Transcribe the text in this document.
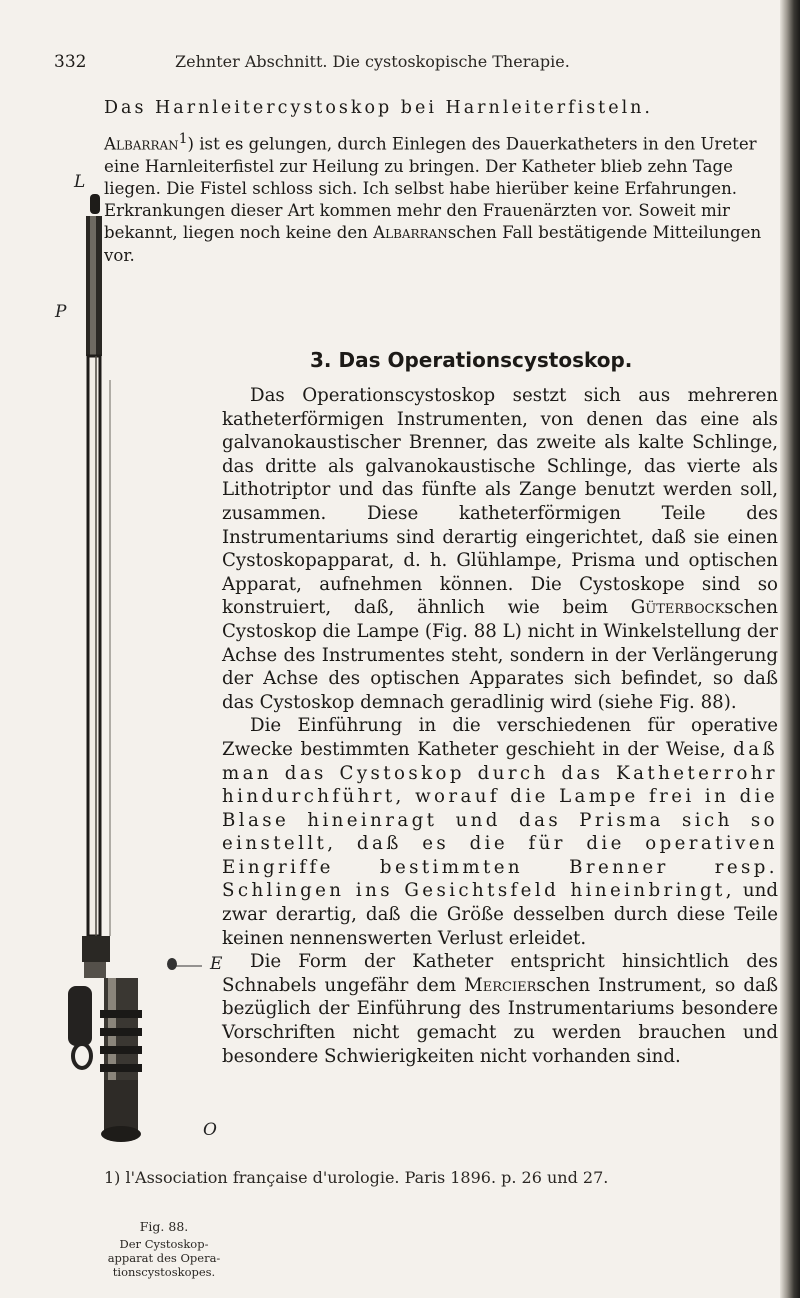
332	Zehnter Abschnitt. Die cystoskopische Therapie.
Das Harnleitercystoskop bei Harnleiterfisteln.
Albarran$^1$) ist es gelungen, durch Einlegen des Dauerkatheters in den Ureter eine Harnleiterfistel zur Heilung zu bringen. Der Katheter blieb zehn Tage liegen. Die Fistel schloss sich. Ich selbst habe hierüber keine Erfahrungen. Erkrankungen dieser Art kommen mehr den Frauenärzten vor. Soweit mir bekannt, liegen noch keine den Albarranschen Fall bestätigende Mitteilungen vor.
L
P
E
O
Fig. 88.
Der Cystoskop-
apparat des Opera-
tionscystoskopes.
3. Das Operationscystoskop.

Das Operationscystoskop sestzt sich aus mehreren katheterförmigen Instrumenten, von denen das eine als galvanokaustischer Brenner, das zweite als kalte Schlinge, das dritte als galvanokaustische Schlinge, das vierte als Lithotriptor und das fünfte als Zange benutzt werden soll, zusammen. Diese katheterförmigen Teile des Instrumentariums sind derartig eingerichtet, daß sie einen Cystoskopapparat, d. h. Glühlampe, Prisma und optischen Apparat, aufnehmen können. Die Cystoskope sind so konstruiert, daß, ähnlich wie beim Güterbockschen Cystoskop die Lampe (Fig. 88 L) nicht in Winkelstellung der Achse des Instrumentes steht, sondern in der Verlängerung der Achse des optischen Apparates sich befindet, so daß das Cystoskop demnach geradlinig wird (siehe Fig. 88).

Die Einführung in die verschiedenen für operative Zwecke bestimmten Katheter geschieht in der Weise, daß man das Cystoskop durch das Katheterrohr hindurchführt, worauf die Lampe frei in die Blase hineinragt und das Prisma sich so einstellt, daß es die für die operativen Eingriffe bestimmten Brenner resp. Schlingen ins Gesichtsfeld hineinbringt, und zwar derartig, daß die Größe desselben durch diese Teile keinen nennenswerten Verlust erleidet.

Die Form der Katheter entspricht hinsichtlich des Schnabels ungefähr dem Mercierschen Instrument, so daß bezüglich der Einführung des Instrumentariums besondere Vorschriften nicht gemacht zu werden brauchen und besondere Schwierigkeiten nicht vorhanden sind.

1) l'Association française d'urologie. Paris 1896. p. 26 und 27.
